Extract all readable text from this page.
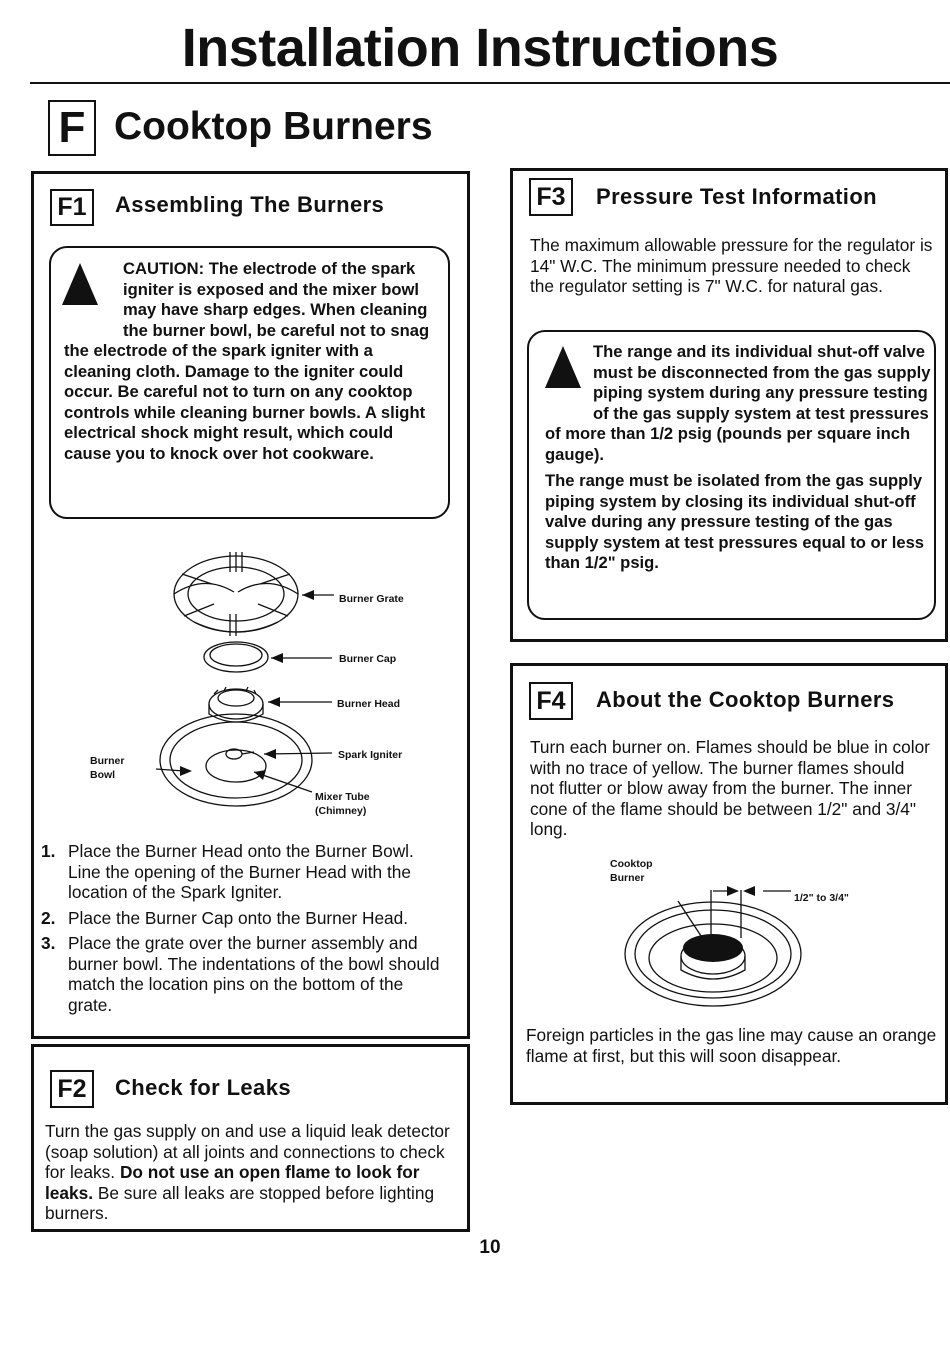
Installation Instructions
F Cooktop Burners
F1	Assembling The Burners
CAUTION: The electrode of the spark igniter is exposed and the mixer bowl may have sharp edges. When cleaning the burner bowl, be careful not to snag the electrode of the spark igniter with a cleaning cloth. Damage to the igniter could occur. Be careful not to turn on any cooktop controls while cleaning burner bowls. A slight electrical shock might result, which could cause you to knock over hot cookware.
Burner Grate
Burner Cap
Burner Head
Spark Igniter
Burner
Bowl
Mixer Tube
(Chimney)
1. Place the Burner Head onto the Burner Bowl. Line the opening of the Burner Head with the location of the Spark Igniter.
2. Place the Burner Cap onto the Burner Head.
3. Place the grate over the burner assembly and burner bowl. The indentations of the bowl should match the location pins on the bottom of the grate.
F2	Check for Leaks
Turn the gas supply on and use a liquid leak detector (soap solution) at all joints and connections to check for leaks. Do not use an open flame to look for leaks. Be sure all leaks are stopped before lighting burners.
F3	Pressure Test Information
The maximum allowable pressure for the regulator is 14" W.C. The minimum pressure needed to check the regulator setting is 7" W.C. for natural gas.
The range and its individual shut-off valve must be disconnected from the gas supply piping system during any pressure testing of the gas supply system at test pressures of more than 1/2 psig (pounds per square inch gauge).
The range must be isolated from the gas supply piping system by closing its individual shut-off valve during any pressure testing of the gas supply system at test pressures equal to or less than 1/2" psig.
F4	About the Cooktop Burners
Turn each burner on. Flames should be blue in color with no trace of yellow. The burner flames should not flutter or blow away from the burner. The inner cone of the flame should be between 1/2" and 3/4" long.
Cooktop
Burner
1/2" to 3/4"
Foreign particles in the gas line may cause an orange flame at first, but this will soon disappear.
10
